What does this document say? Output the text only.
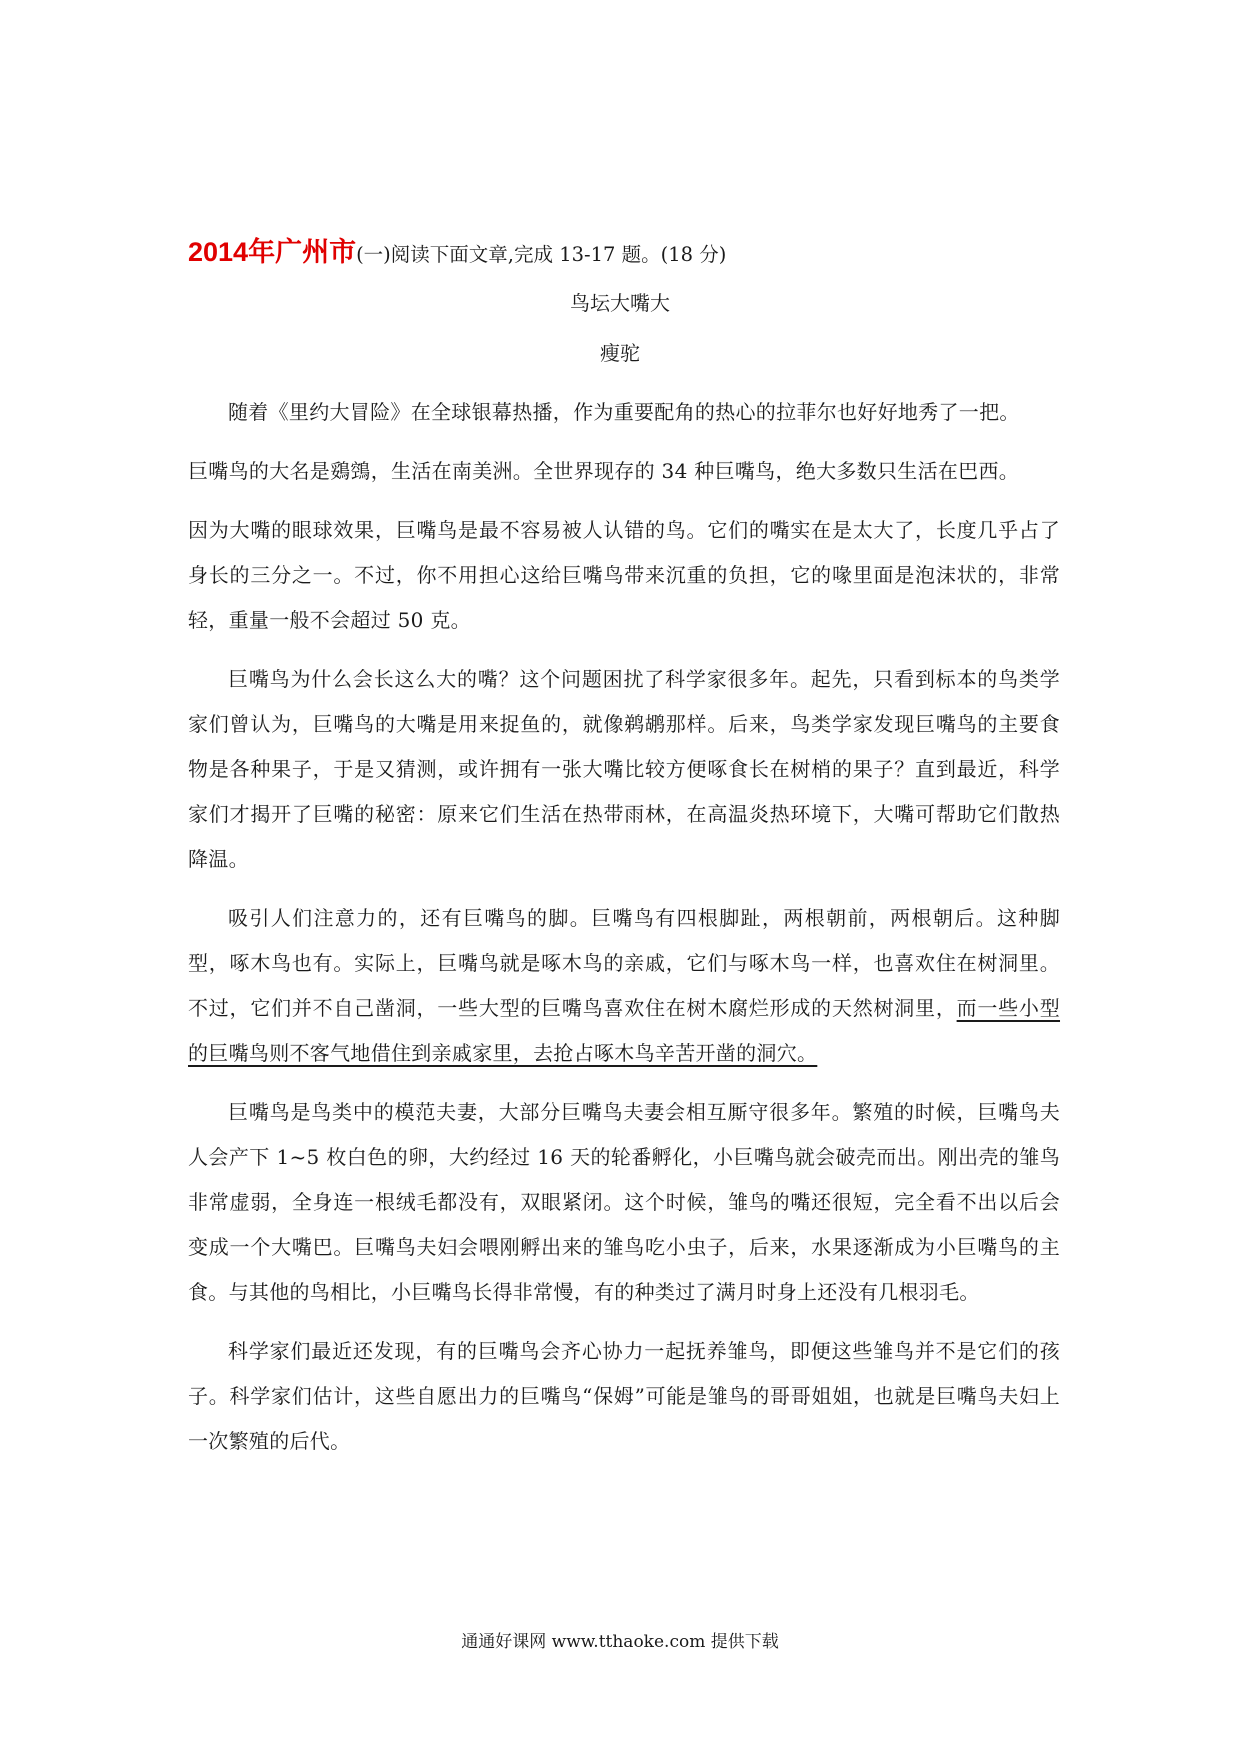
2014年广州市(一)阅读下面文章,完成 13-17 题。(18 分)
鸟坛大嘴大
瘦驼

随着《里约大冒险》在全球银幕热播，作为重要配角的热心的拉菲尔也好好地秀了一把。

巨嘴鸟的大名是鵎鵼，生活在南美洲。全世界现存的 34 种巨嘴鸟，绝大多数只生活在巴西。

因为大嘴的眼球效果，巨嘴鸟是最不容易被人认错的鸟。它们的嘴实在是太大了，长度几乎占了身长的三分之一。不过，你不用担心这给巨嘴鸟带来沉重的负担，它的喙里面是泡沫状的，非常轻，重量一般不会超过 50 克。

巨嘴鸟为什么会长这么大的嘴？这个问题困扰了科学家很多年。起先，只看到标本的鸟类学家们曾认为，巨嘴鸟的大嘴是用来捉鱼的，就像鹈鹕那样。后来，鸟类学家发现巨嘴鸟的主要食物是各种果子，于是又猜测，或许拥有一张大嘴比较方便啄食长在树梢的果子？直到最近，科学家们才揭开了巨嘴的秘密：原来它们生活在热带雨林，在高温炎热环境下，大嘴可帮助它们散热降温。

吸引人们注意力的，还有巨嘴鸟的脚。巨嘴鸟有四根脚趾，两根朝前，两根朝后。这种脚型，啄木鸟也有。实际上，巨嘴鸟就是啄木鸟的亲戚，它们与啄木鸟一样，也喜欢住在树洞里。不过，它们并不自己凿洞，一些大型的巨嘴鸟喜欢住在树木腐烂形成的天然树洞里，而一些小型的巨嘴鸟则不客气地借住到亲戚家里，去抢占啄木鸟辛苦开凿的洞穴。

巨嘴鸟是鸟类中的模范夫妻，大部分巨嘴鸟夫妻会相互厮守很多年。繁殖的时候，巨嘴鸟夫人会产下 1~5 枚白色的卵，大约经过 16 天的轮番孵化，小巨嘴鸟就会破壳而出。刚出壳的雏鸟非常虚弱，全身连一根绒毛都没有，双眼紧闭。这个时候，雏鸟的嘴还很短，完全看不出以后会变成一个大嘴巴。巨嘴鸟夫妇会喂刚孵出来的雏鸟吃小虫子，后来，水果逐渐成为小巨嘴鸟的主食。与其他的鸟相比，小巨嘴鸟长得非常慢，有的种类过了满月时身上还没有几根羽毛。

科学家们最近还发现，有的巨嘴鸟会齐心协力一起抚养雏鸟，即便这些雏鸟并不是它们的孩子。科学家们估计，这些自愿出力的巨嘴鸟“保姆”可能是雏鸟的哥哥姐姐，也就是巨嘴鸟夫妇上一次繁殖的后代。

通通好课网 www.tthaoke.com 提供下载
